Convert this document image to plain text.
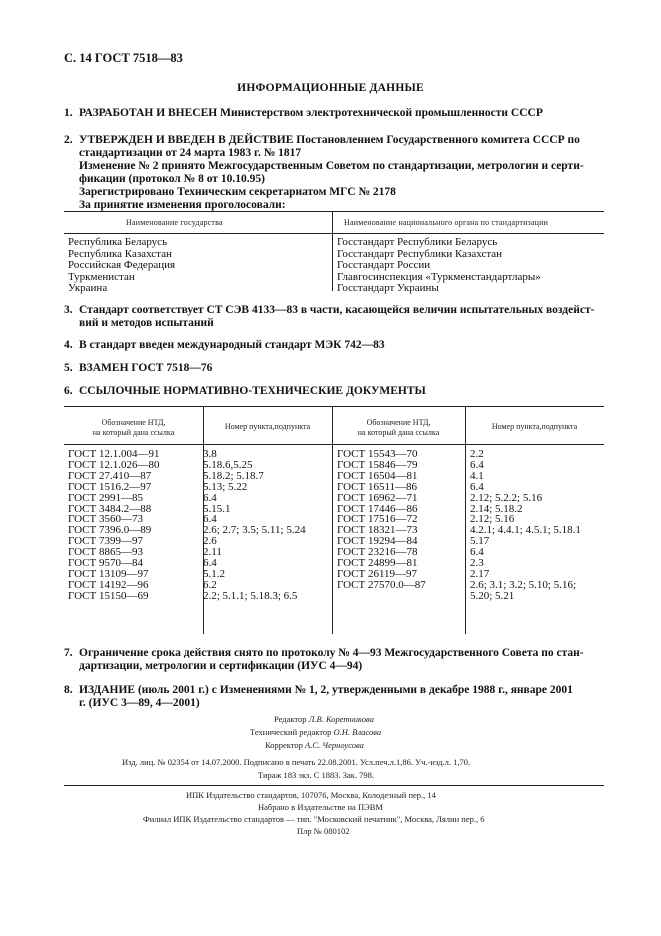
С. 14 ГОСТ 7518—83
ИНФОРМАЦИОННЫЕ ДАННЫЕ
1. РАЗРАБОТАН И ВНЕСЕН Министерством электротехнической промышленности СССР
2. УТВЕРЖДЕН И ВВЕДЕН В ДЕЙСТВИЕ Постановлением Государственного комитета СССР по
стандартизации от 24 марта 1983 г. № 1817
Изменение № 2 принято Межгосударственным Советом по стандартизации, метрологии и серти-
фикации (протокол № 8 от 10.10.95)
Зарегистрировано Техническим секретариатом МГС № 2178
За принятие изменения проголосовали:
Наименование государства	Наименование национального органа по стандартизации
Республика Беларусь
Республика Казахстан
Российская Федерация
Туркменистан
Украина
Госстандарт Республики Беларусь
Госстандарт Республики Казахстан
Госстандарт России
Главгосинспекция «Туркменстандартлары»
Госстандарт Украины
3. Стандарт соответствует СТ СЭВ 4133—83 в части, касающейся величин испытательных воздейст-
вий и методов испытаний
4. В стандарт введен международный стандарт МЭК 742—83
5. ВЗАМЕН ГОСТ 7518—76
6. ССЫЛОЧНЫЕ НОРМАТИВНО-ТЕХНИЧЕСКИЕ ДОКУМЕНТЫ
Обозначение НТД,
на который дана ссылка
Номер пункта,подпункта	Обозначение НТД,
на который дана ссылка
Номер пункта,подпункта
ГОСТ 12.1.004—91
ГОСТ 12.1.026—80
ГОСТ 27.410—87
ГОСТ 1516.2—97
ГОСТ 2991—85
ГОСТ 3484.2—88
ГОСТ 3560—73
ГОСТ 7396.0—89
ГОСТ 7399—97
ГОСТ 8865—93
ГОСТ 9570—84
ГОСТ 13109—97
ГОСТ 14192—96
ГОСТ 15150—69
3.8
5.18.6,5.25
5.18.2; 5.18.7
5.13; 5.22
6.4
5.15.1
6.4
2.6; 2.7; 3.5; 5.11; 5.24
2.6
2.11
6.4
5.1.2
6.2
2.2; 5.1.1; 5.18.3; 6.5
ГОСТ 15543—70
ГОСТ 15846—79
ГОСТ 16504—81
ГОСТ 16511—86
ГОСТ 16962—71
ГОСТ 17446—86
ГОСТ 17516—72
ГОСТ 18321—73
ГОСТ 19294—84
ГОСТ 23216—78
ГОСТ 24899—81
ГОСТ 26119—97
ГОСТ 27570.0—87

2.2
6.4
4.1
6.4
2.12; 5.2.2; 5.16
2.14; 5.18.2
2.12; 5.16
4.2.1; 4.4.1; 4.5.1; 5.18.1
5.17
6.4
2.3
2.17
2.6; 3.1; 3.2; 5.10; 5.16;
5.20; 5.21
7. Ограничение срока действия снято по протоколу № 4—93 Межгосударственного Совета по стан-
дартизации, метрологии и сертификации (ИУС 4—94)
8. ИЗДАНИЕ (июль 2001 г.) с Изменениями № 1, 2, утвержденными в декабре 1988 г., январе 2001
г. (ИУС 3—89, 4—2001)
Редактор Л.В. Коретникова
Технический редактор О.Н. Власова
Корректор А.С. Черноусова
Изд. лиц. № 02354 от 14.07.2000. Подписано в печать 22.08.2001. Усл.печ.л.1,86. Уч.-изд.л. 1,70.
Тираж 183 экз. С 1883. Зак. 798.
ИПК Издательство стандартов, 107076, Москва, Колодезный пер., 14
Набрано в Издательстве на ПЭВМ
Филиал ИПК Издательство стандартов — тип. "Московский печатник", Москва, Лялин пер., 6
Плр № 080102
